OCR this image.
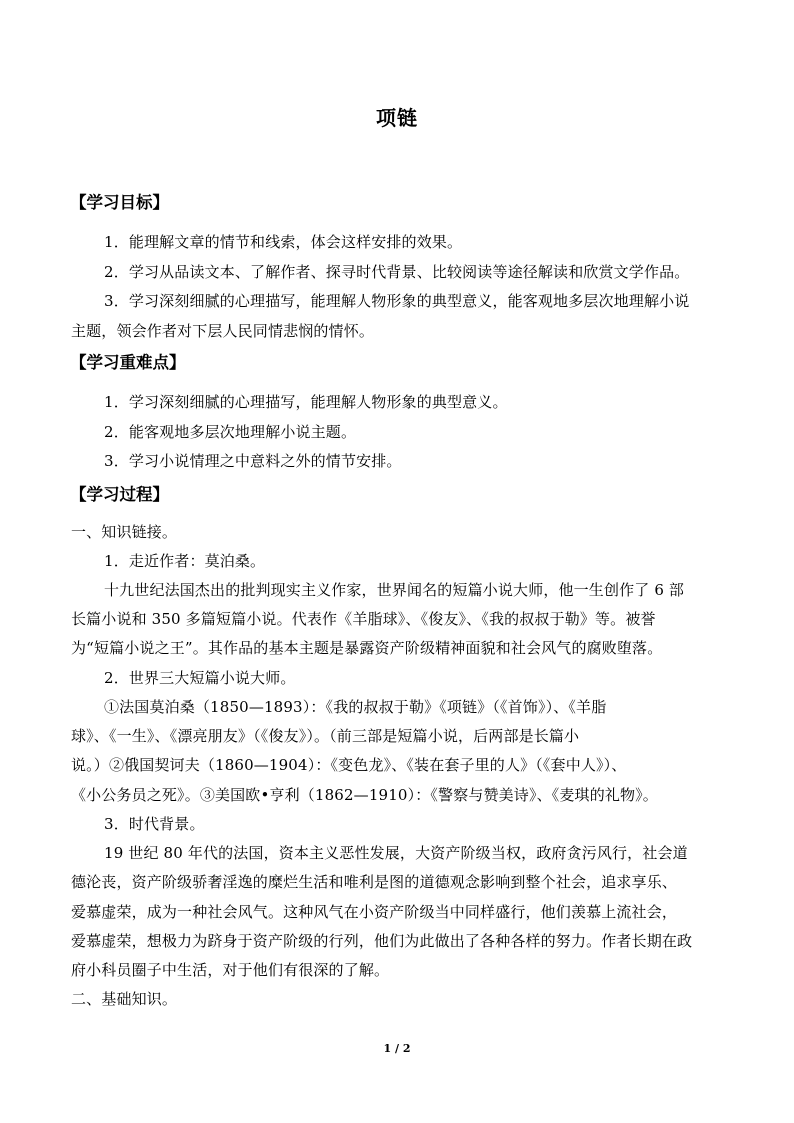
项链
【学习目标】
1．能理解文章的情节和线索，体会这样安排的效果。
2．学习从品读文本、了解作者、探寻时代背景、比较阅读等途径解读和欣赏文学作品。
3．学习深刻细腻的心理描写，能理解人物形象的典型意义，能客观地多层次地理解小说
主题，领会作者对下层人民同情悲悯的情怀。
【学习重难点】
1．学习深刻细腻的心理描写，能理解人物形象的典型意义。
2．能客观地多层次地理解小说主题。
3．学习小说情理之中意料之外的情节安排。
【学习过程】
一、知识链接。
1．走近作者：莫泊桑。
十九世纪法国杰出的批判现实主义作家，世界闻名的短篇小说大师，他一生创作了 6 部
长篇小说和 350 多篇短篇小说。代表作《羊脂球》、《俊友》、《我的叔叔于勒》等。被誉
为“短篇小说之王”。其作品的基本主题是暴露资产阶级精神面貌和社会风气的腐败堕落。
2．世界三大短篇小说大师。
①法国莫泊桑（1850—1893）：《我的叔叔于勒》《项链》（《首饰》）、《羊脂
球》、《一生》、《漂亮朋友》（《俊友》）。（前三部是短篇小说，后两部是长篇小
说。）②俄国契诃夫（1860—1904）：《变色龙》、《装在套子里的人》（《套中人》）、
《小公务员之死》。③美国欧•亨利（1862—1910）：《警察与赞美诗》、《麦琪的礼物》。
3．时代背景。
19 世纪 80 年代的法国，资本主义恶性发展，大资产阶级当权，政府贪污风行，社会道
德沦丧，资产阶级骄奢淫逸的糜烂生活和唯利是图的道德观念影响到整个社会，追求享乐、
爱慕虚荣，成为一种社会风气。这种风气在小资产阶级当中同样盛行，他们羡慕上流社会，
爱慕虚荣，想极力为跻身于资产阶级的行列，他们为此做出了各种各样的努力。作者长期在政
府小科员圈子中生活，对于他们有很深的了解。
二、基础知识。
1 / 2
